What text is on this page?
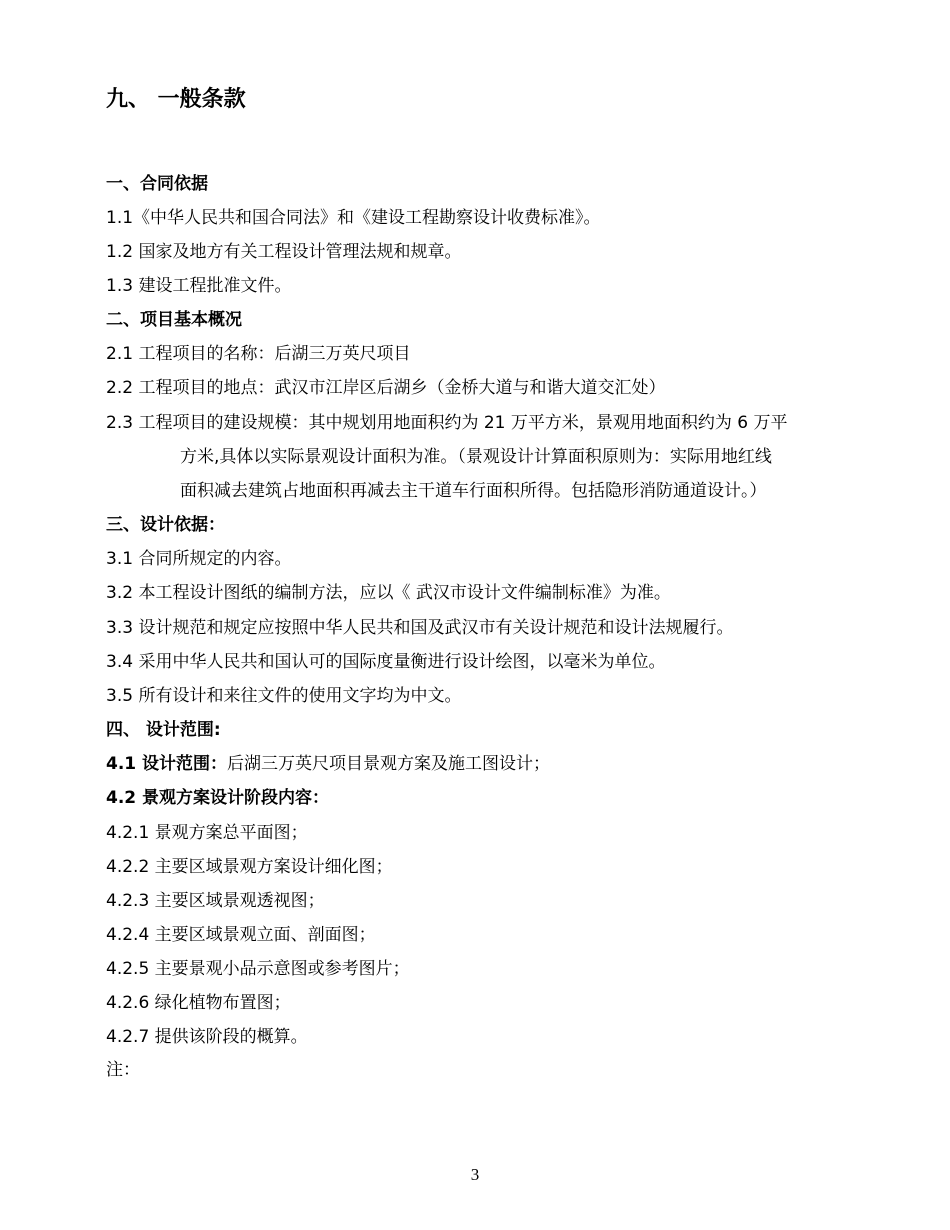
九、 一般条款
一、合同依据
1.1《中华人民共和国合同法》和《建设工程勘察设计收费标准》。
1.2 国家及地方有关工程设计管理法规和规章。
1.3 建设工程批准文件。
二、项目基本概况
2.1 工程项目的名称：后湖三万英尺项目
2.2 工程项目的地点：武汉市江岸区后湖乡（金桥大道与和谐大道交汇处）
2.3 工程项目的建设规模：其中规划用地面积约为 21 万平方米，景观用地面积约为 6 万平
方米,具体以实际景观设计面积为准。（景观设计计算面积原则为：实际用地红线
面积减去建筑占地面积再减去主干道车行面积所得。包括隐形消防通道设计。）
三、设计依据：
3.1 合同所规定的内容。
3.2 本工程设计图纸的编制方法，应以《 武汉市设计文件编制标准》为准。
3.3 设计规范和规定应按照中华人民共和国及武汉市有关设计规范和设计法规履行。
3.4 采用中华人民共和国认可的国际度量衡进行设计绘图，以毫米为单位。
3.5 所有设计和来往文件的使用文字均为中文。
四、 设计范围:
4.1 设计范围：后湖三万英尺项目景观方案及施工图设计；
4.2 景观方案设计阶段内容：
4.2.1 景观方案总平面图；
4.2.2 主要区域景观方案设计细化图；
4.2.3 主要区域景观透视图；
4.2.4 主要区域景观立面、剖面图；
4.2.5 主要景观小品示意图或参考图片；
4.2.6 绿化植物布置图；
4.2.7 提供该阶段的概算。
注：
3
